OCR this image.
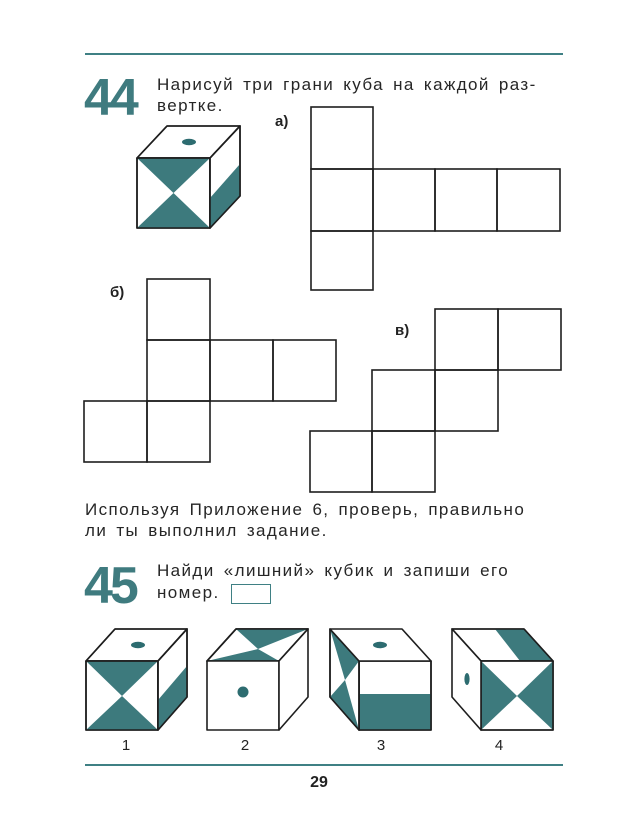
44 Нарисуй три грани куба на каждой раз-
вертке.
а)
б)
в)
Используя Приложение 6, проверь, правильно
ли ты выполнил задание.
45 Найди «лишний» кубик и запиши его
номер.
1	2	3	4
29
